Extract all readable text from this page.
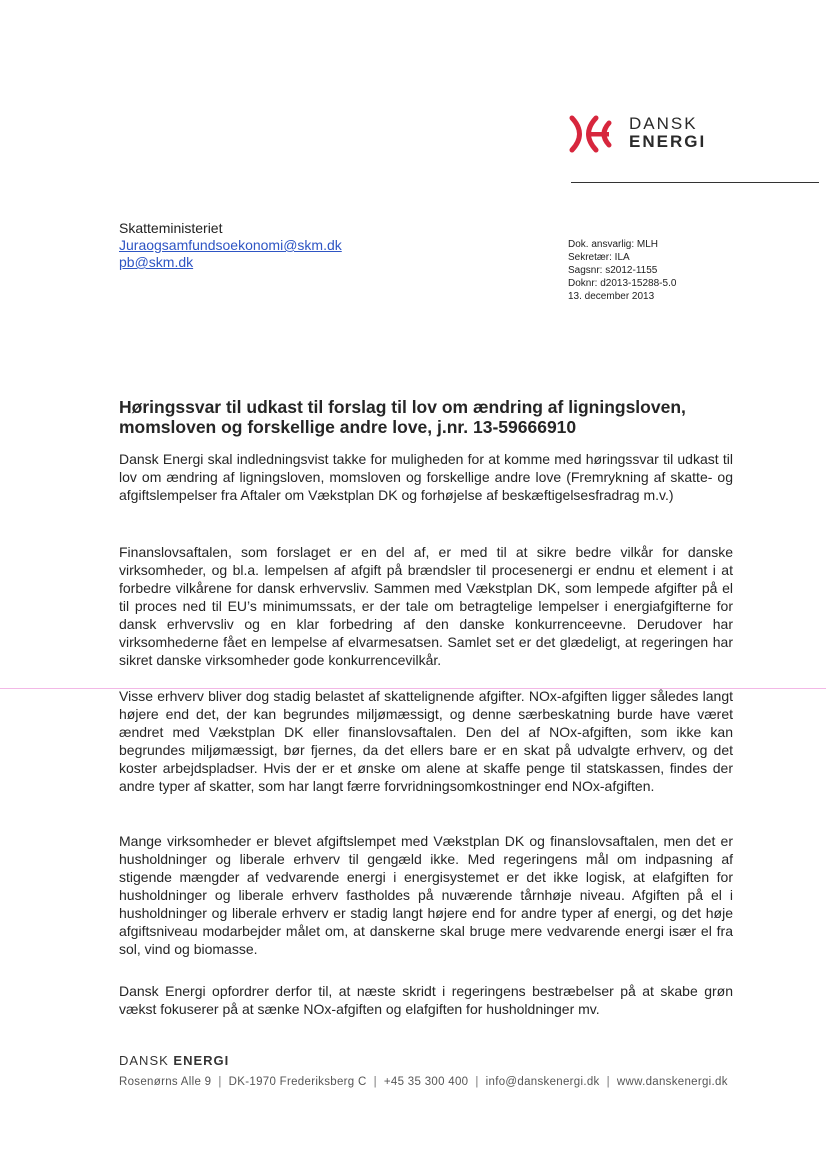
DANSK
ENERGI
Skatteministeriet
Juraogsamfundsoekonomi@skm.dk
pb@skm.dk
Dok. ansvarlig: MLH
Sekretær: ILA
Sagsnr: s2012-1155
Doknr: d2013-15288-5.0
13. december 2013
Høringssvar til udkast til forslag til lov om ændring af ligningsloven, momsloven og forskellige andre love, j.nr. 13-59666910
Dansk Energi skal indledningsvist takke for muligheden for at komme med høringssvar til udkast til lov om ændring af ligningsloven, momsloven og forskellige andre love (Fremrykning af skatte- og afgiftslempelser fra Aftaler om Vækstplan DK og forhøjelse af beskæftigelsesfradrag m.v.)
Finanslovsaftalen, som forslaget er en del af, er med til at sikre bedre vilkår for danske virksomheder, og bl.a. lempelsen af afgift på brændsler til procesenergi er endnu et element i at forbedre vilkårene for dansk erhvervsliv. Sammen med Vækstplan DK, som lempede afgifter på el til proces ned til EU’s minimumssats, er der tale om betragtelige lempelser i energiafgifterne for dansk erhvervsliv og en klar forbedring af den danske konkurrenceevne. Derudover har virksomhederne fået en lempelse af elvarmesatsen. Samlet set er det glædeligt, at regeringen har sikret danske virksomheder gode konkurrencevilkår.
Visse erhverv bliver dog stadig belastet af skattelignende afgifter. NOx-afgiften ligger således langt højere end det, der kan begrundes miljømæssigt, og denne særbeskatning burde have været ændret med Vækstplan DK eller finanslovsaftalen. Den del af NOx-afgiften, som ikke kan begrundes miljømæssigt, bør fjernes, da det ellers bare er en skat på udvalgte erhverv, og det koster arbejdspladser. Hvis der er et ønske om alene at skaffe penge til statskassen, findes der andre typer af skatter, som har langt færre forvridningsomkostninger end NOx-afgiften.
Mange virksomheder er blevet afgiftslempet med Vækstplan DK og finanslovsaftalen, men det er husholdninger og liberale erhverv til gengæld ikke. Med regeringens mål om indpasning af stigende mængder af vedvarende energi i energisystemet er det ikke logisk, at elafgiften for husholdninger og liberale erhverv fastholdes på nuværende tårnhøje niveau. Afgiften på el i husholdninger og liberale erhverv er stadig langt højere end for andre typer af energi, og det høje afgiftsniveau modarbejder målet om, at danskerne skal bruge mere vedvarende energi især el fra sol, vind og biomasse.
Dansk Energi opfordrer derfor til, at næste skridt i regeringens bestræbelser på at skabe grøn vækst fokuserer på at sænke NOx-afgiften og elafgiften for husholdninger mv.
DANSK ENERGI
Rosenørns Alle 9 | DK-1970 Frederiksberg C | +45 35 300 400 | info@danskenergi.dk | www.danskenergi.dk
